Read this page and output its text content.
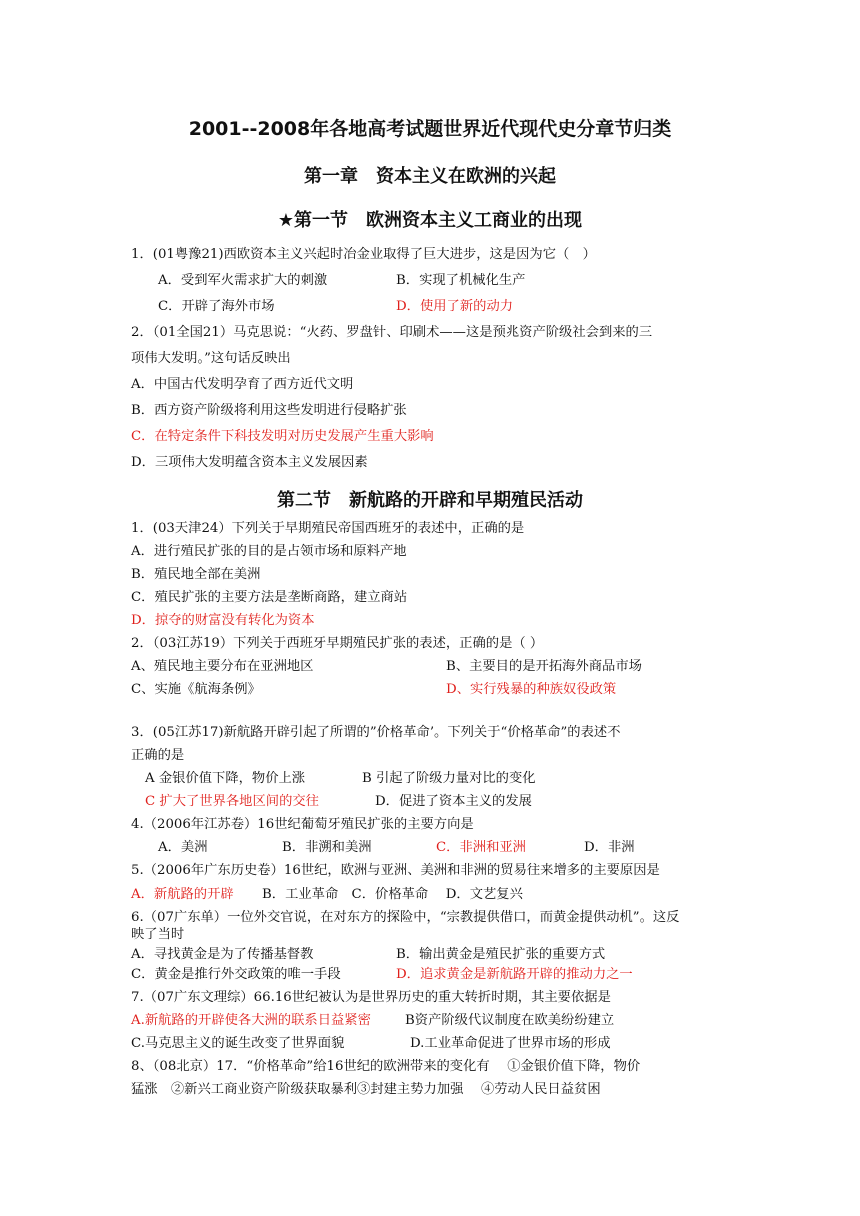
2001--2008年各地高考试题世界近代现代史分章节归类
第一章　资本主义在欧洲的兴起
★第一节　欧洲资本主义工商业的出现
1．(01粤豫21)西欧资本主义兴起时冶金业取得了巨大进步，这是因为它（　）
A．受到军火需求扩大的刺激	B．实现了机械化生产
C．开辟了海外市场	D．使用了新的动力
2．（01全国21）马克思说：“火药、罗盘针、印刷术——这是预兆资产阶级社会到来的三
项伟大发明。”这句话反映出
A．中国古代发明孕育了西方近代文明
B．西方资产阶级将利用这些发明进行侵略扩张
C．在特定条件下科技发明对历史发展产生重大影响
D．三项伟大发明蕴含资本主义发展因素
第二节　新航路的开辟和早期殖民活动
1．(03天津24）下列关于早期殖民帝国西班牙的表述中，正确的是
A．进行殖民扩张的目的是占领市场和原料产地
B．殖民地全部在美洲
C．殖民扩张的主要方法是垄断商路，建立商站
D．掠夺的财富没有转化为资本
2．（03江苏19）下列关于西班牙早期殖民扩张的表述，正确的是（ ）
A、殖民地主要分布在亚洲地区	B、主要目的是开拓海外商品市场
C、实施《航海条例》	D、实行残暴的种族奴役政策
3．(05江苏17)新航路开辟引起了所谓的”价格革命’。下列关于“价格革命”的表述不
正确的是
A 金银价值下降，物价上涨	B 引起了阶级力量对比的变化
C 扩大了世界各地区间的交往	D．促进了资本主义的发展
4.（2006年江苏卷）16世纪葡萄牙殖民扩张的主要方向是
A．美洲	B．非溯和美洲	C．非洲和亚洲	D．非洲
5.（2006年广东历史卷）16世纪，欧洲与亚洲、美洲和非洲的贸易往来增多的主要原因是
A．新航路的开辟 B．工业革命　C．价格革命　 D．文艺复兴
6.（07广东单）一位外交官说，在对东方的探险中，“宗教提供借口，而黄金提供动机”。这反
映了当时
A．寻找黄金是为了传播基督教	B．输出黄金是殖民扩张的重要方式
C．黄金是推行外交政策的唯一手段	D．追求黄金是新航路开辟的推动力之一
7.（07广东文理综）66.16世纪被认为是世界历史的重大转折时期，其主要依据是
A.新航路的开辟使各大洲的联系日益紧密	B资产阶级代议制度在欧美纷纷建立
C.马克思主义的诞生改变了世界面貌	D.工业革命促进了世界市场的形成
8、（08北京）17．“价格革命”给16世纪的欧洲带来的变化有　 ①金银价值下降，物价
猛涨　②新兴工商业资产阶级获取暴利③封建主势力加强　 ④劳动人民日益贫困
